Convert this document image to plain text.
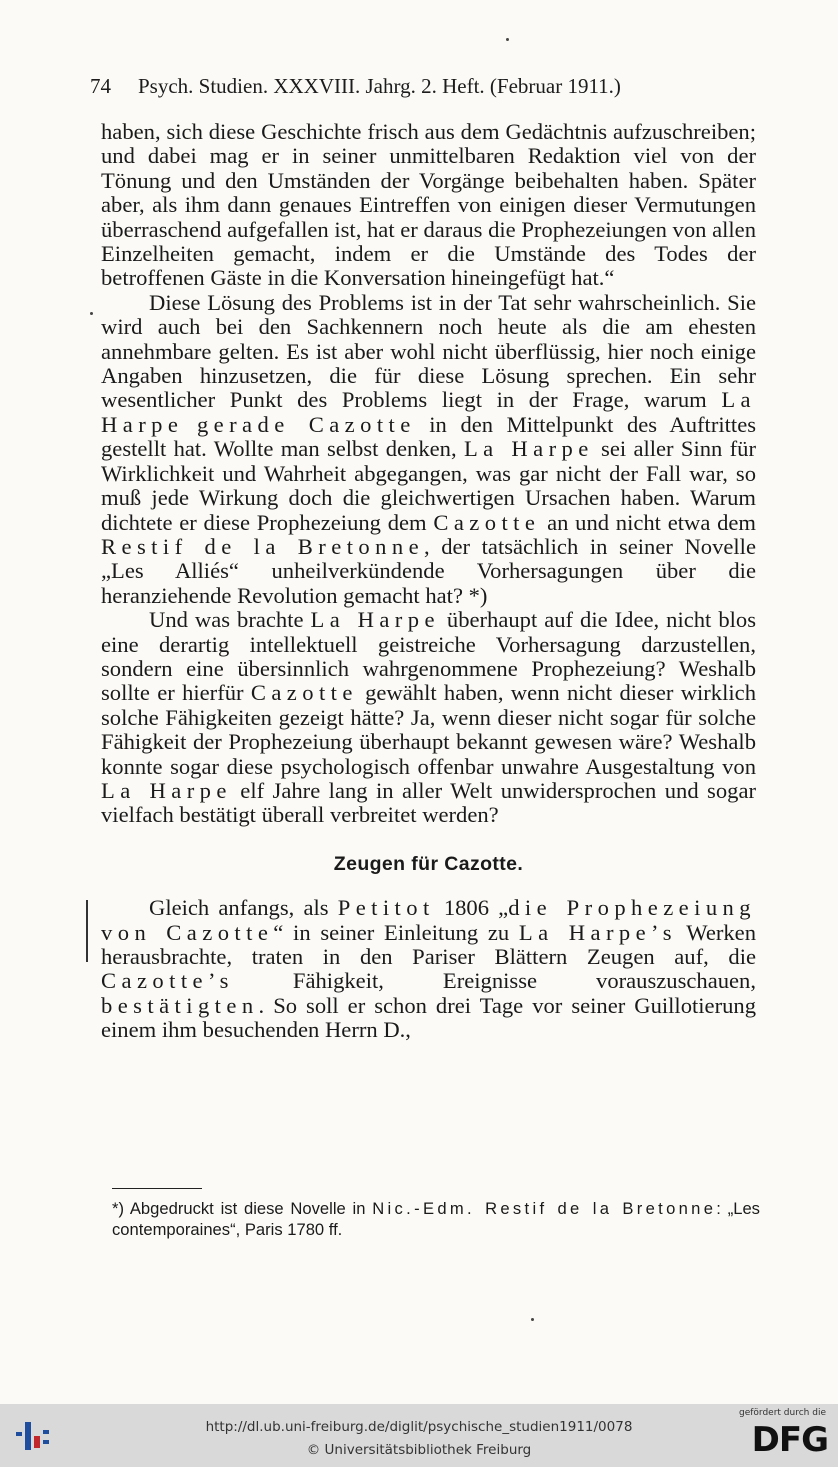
74 Psych. Studien. XXXVIII. Jahrg. 2. Heft. (Februar 1911.)

haben, sich diese Geschichte frisch aus dem Gedächtnis aufzuschreiben; und dabei mag er in seiner unmittelbaren Redaktion viel von der Tönung und den Umständen der Vorgänge beibehalten haben. Später aber, als ihm dann genaues Eintreffen von einigen dieser Vermutungen überraschend aufgefallen ist, hat er daraus die Prophezeiungen von allen Einzelheiten gemacht, indem er die Umstände des Todes der betroffenen Gäste in die Konversation hineingefügt hat.“

Diese Lösung des Problems ist in der Tat sehr wahrscheinlich. Sie wird auch bei den Sachkennern noch heute als die am ehesten annehmbare gelten. Es ist aber wohl nicht überflüssig, hier noch einige Angaben hinzusetzen, die für diese Lösung sprechen. Ein sehr wesentlicher Punkt des Problems liegt in der Frage, warum La Harpe gerade Cazotte in den Mittelpunkt des Auftrittes gestellt hat. Wollte man selbst denken, La Harpe sei aller Sinn für Wirklichkeit und Wahrheit abgegangen, was gar nicht der Fall war, so muß jede Wirkung doch die gleichwertigen Ursachen haben. Warum dichtete er diese Prophezeiung dem Cazotte an und nicht etwa dem Restif de la Bretonne, der tatsächlich in seiner Novelle „Les Alliés“ unheilverkündende Vorhersagungen über die heranziehende Revolution gemacht hat? *)

Und was brachte La Harpe überhaupt auf die Idee, nicht blos eine derartig intellektuell geistreiche Vorhersagung darzustellen, sondern eine übersinnlich wahrgenommene Prophezeiung? Weshalb sollte er hierfür Cazotte gewählt haben, wenn nicht dieser wirklich solche Fähigkeiten gezeigt hätte? Ja, wenn dieser nicht sogar für solche Fähigkeit der Prophezeiung überhaupt bekannt gewesen wäre? Weshalb konnte sogar diese psychologisch offenbar unwahre Ausgestaltung von La Harpe elf Jahre lang in aller Welt unwidersprochen und sogar vielfach bestätigt überall verbreitet werden?

Zeugen für Cazotte.

Gleich anfangs, als Petitot 1806 „die Prophezeiung von Cazotte“ in seiner Einleitung zu La Harpe’s Werken herausbrachte, traten in den Pariser Blättern Zeugen auf, die Cazotte’s Fähigkeit, Ereignisse vorauszuschauen, bestätigten. So soll er schon drei Tage vor seiner Guillotierung einem ihm besuchenden Herrn D.,

*) Abgedruckt ist diese Novelle in Nic.-Edm. Restif de la Bretonne: „Les contemporaines“, Paris 1780 ff.
http://dl.ub.uni-freiburg.de/diglit/psychische_studien1911/0078
© Universitätsbibliothek Freiburg
gefördert durch die
DFG
